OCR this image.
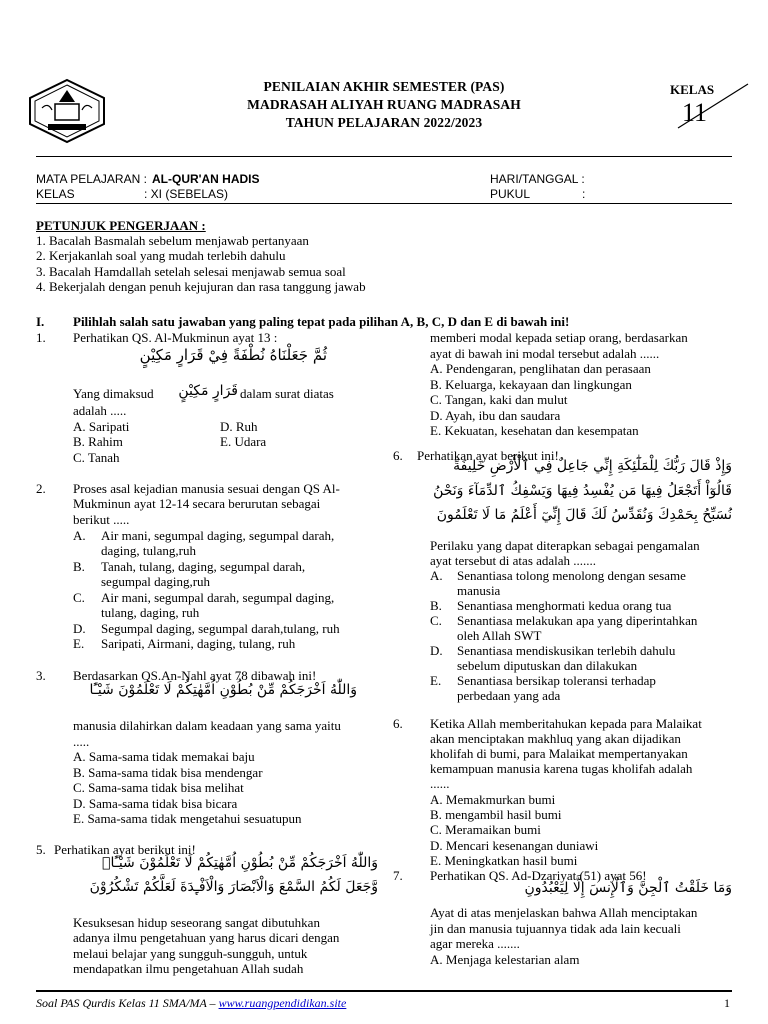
PENILAIAN AKHIR SEMESTER (PAS)
MADRASAH ALIYAH RUANG MADRASAH
TAHUN PELAJARAN 2022/2023
KELAS
11
MATA PELAJARAN : AL-QUR'AN HADIS
KELAS	: XI (SEBELAS)
HARI/TANGGAL :
PUKUL	:
PETUNJUK PENGERJAAN :
1. Bacalah Basmalah sebelum menjawab pertanyaan
2. Kerjakanlah soal yang mudah terlebih dahulu
3. Bacalah Hamdallah setelah selesai menjawab semua soal
4. Bekerjalah dengan penuh kejujuran dan rasa tanggung jawab
I. Pilihlah salah satu jawaban yang paling tepat pada pilihan A, B, C, D dan E di bawah ini!
1. Perhatikan QS. Al-Mukminun ayat 13 :
ثُمَّ جَعَلْنَاهُ نُطْفَةً فِيْ قَرَارٍ مَكِيْنٍ
Yang dimaksud	قَرَارٍ مَكِيْنٍ dalam surat diatas
adalah .....
A. Saripati	D. Ruh
B. Rahim	E. Udara
C. Tanah
2. Proses asal kejadian manusia sesuai dengan QS Al-
Mukminun ayat 12-14 secara berurutan sebagai
berikut .....
A. Air mani, segumpal daging, segumpal darah,
daging, tulang,ruh
B. Tanah, tulang, daging, segumpal darah,
segumpal daging,ruh
C. Air mani, segumpal darah, segumpal daging,
tulang, daging, ruh
D. Segumpal daging, segumpal darah,tulang, ruh
E. Saripati, Airmani, daging, tulang, ruh
3. Berdasarkan QS.An-Nahl ayat 78 dibawah ini!
وَاللّٰهُ اَخْرَجَكُمْ مِّنْ بُطُوْنِ اُمَّهٰتِكُمْ لَا تَعْلَمُوْنَ شَيْـًٔا
manusia dilahirkan dalam keadaan yang sama yaitu
.....
A. Sama-sama tidak memakai baju
B. Sama-sama tidak bisa mendengar
C. Sama-sama tidak bisa melihat
D. Sama-sama tidak bisa bicara
E. Sama-sama tidak mengetahui sesuatupun
5. Perhatikan ayat berikut ini!
وَاللّٰهُ اَخْرَجَكُمْ مِّنْ بُطُوْنِ اُمَّهٰتِكُمْ لَا تَعْلَمُوْنَ شَيْـًٔاۙ
وَّجَعَلَ لَكُمُ السَّمْعَ وَالْاَبْصَارَ وَالْاَفْـِٕدَةَ لَعَلَّكُمْ تَشْكُرُوْنَ
Kesuksesan hidup seseorang sangat dibutuhkan
adanya ilmu pengetahuan yang harus dicari dengan
melaui belajar yang sungguh-sungguh, untuk
mendapatkan ilmu pengetahuan Allah sudah
memberi modal kepada setiap orang, berdasarkan
ayat di bawah ini modal tersebut adalah ......
A. Pendengaran, penglihatan dan perasaan
B. Keluarga, kekayaan dan lingkungan
C. Tangan, kaki dan mulut
D. Ayah, ibu dan saudara
E. Kekuatan, kesehatan dan kesempatan
6. Perhatikan ayat berikut ini!
وَإِذْ قَالَ رَبُّكَ لِلْمَلَٰٓئِكَةِ إِنِّي جَاعِلٌ فِي ٱلْأَرْضِ خَلِيفَةً
قَالُوٓاْ أَتَجْعَلُ فِيهَا مَن يُفْسِدُ فِيهَا وَيَسْفِكُ ٱلدِّمَآءَ وَنَحْنُ
نُسَبِّحُ بِحَمْدِكَ وَنُقَدِّسُ لَكَ قَالَ إِنِّيٓ أَعْلَمُ مَا لَا تَعْلَمُونَ
Perilaku yang dapat diterapkan sebagai pengamalan
ayat tersebut di atas adalah .......
A. Senantiasa tolong menolong dengan sesame
manusia
B. Senantiasa menghormati kedua orang tua
C. Senantiasa melakukan apa yang diperintahkan
oleh Allah SWT
D. Senantiasa mendiskusikan terlebih dahulu
sebelum diputuskan dan dilakukan
E. Senantiasa bersikap toleransi terhadap
perbedaan yang ada
6. Ketika Allah memberitahukan kepada para Malaikat
akan menciptakan makhluq yang akan dijadikan
kholifah di bumi, para Malaikat mempertanyakan
kemampuan manusia karena tugas kholifah adalah
......
A. Memakmurkan bumi
B. mengambil hasil bumi
C. Meramaikan bumi
D. Mencari kesenangan duniawi
E. Meningkatkan hasil bumi
7. Perhatikan QS. Ad-Dzariyat (51) ayat 56!
وَمَا خَلَقْتُ ٱلْجِنَّ وَٱلْإِنسَ إِلَّا لِيَعْبُدُونِ
Ayat di atas menjelaskan bahwa Allah menciptakan
jin dan manusia tujuannya tidak ada lain kecuali
agar mereka .......
A. Menjaga kelestarian alam
Soal PAS Qurdis Kelas 11 SMA/MA – www.ruangpendidikan.site	1
